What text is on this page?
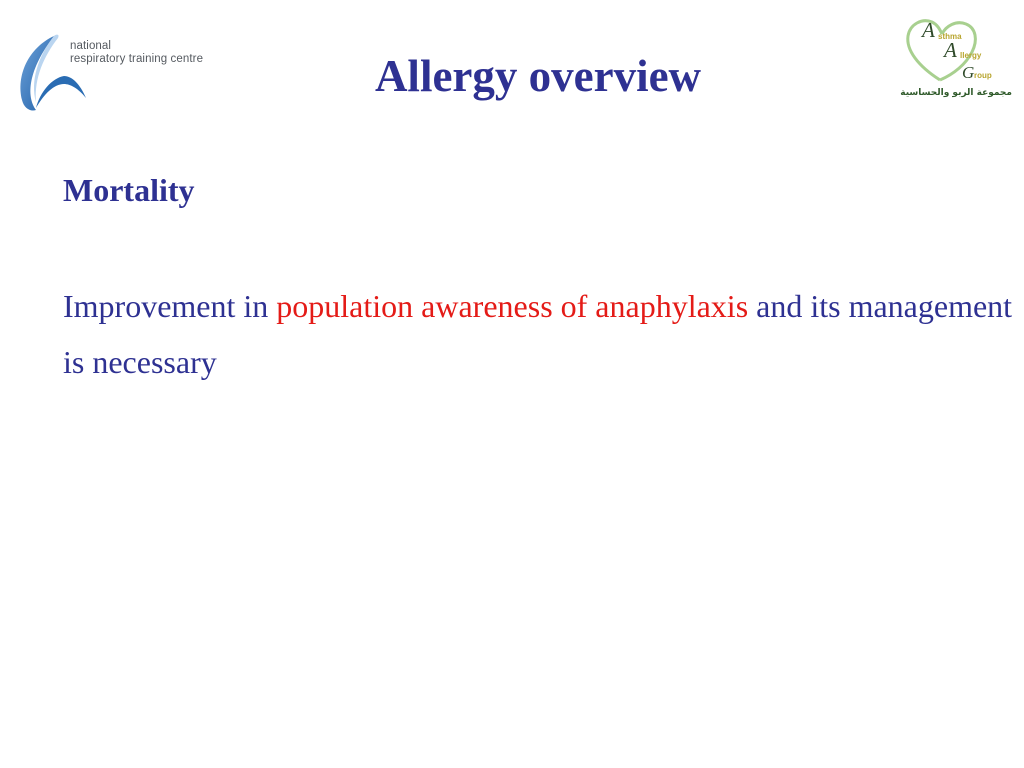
national
respiratory training centre	Allergy overview
A sthma
A llergy
G roup
مجموعة الربو والحساسية
Mortality
Improvement in population awareness of anaphylaxis and its management is necessary
